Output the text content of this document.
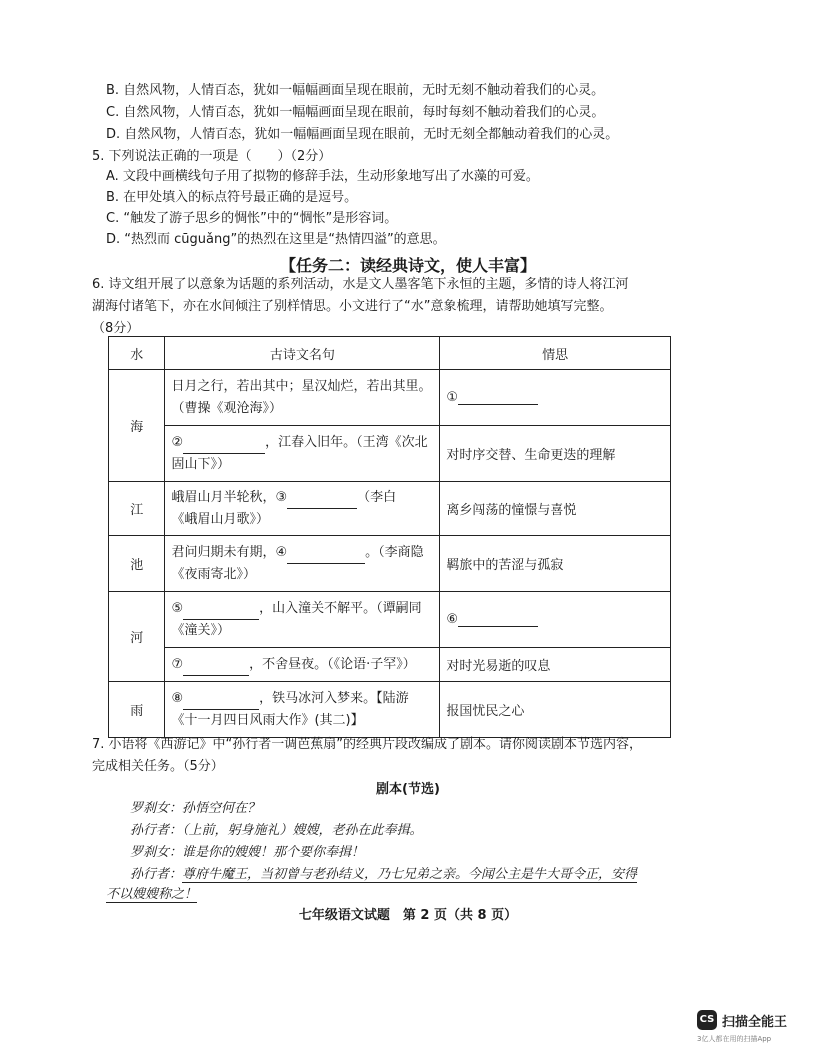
B. 自然风物，人情百态，犹如一幅幅画面呈现在眼前，无时无刻不触动着我们的心灵。
C. 自然风物，人情百态，犹如一幅幅画面呈现在眼前，每时每刻不触动着我们的心灵。
D. 自然风物，人情百态，犹如一幅幅画面呈现在眼前，无时无刻全都触动着我们的心灵。
5. 下列说法正确的一项是（　　）（2分）
A. 文段中画横线句子用了拟物的修辞手法，生动形象地写出了水藻的可爱。
B. 在甲处填入的标点符号最正确的是逗号。
C. “触发了游子思乡的惆怅”中的“惆怅”是形容词。
D. “热烈而 cūguǎng”的热烈在这里是“热情四溢”的意思。
【任务二：读经典诗文，使人丰富】
6. 诗文组开展了以意象为话题的系列活动，水是文人墨客笔下永恒的主题，多情的诗人将江河
湖海付诸笔下，亦在水间倾注了别样情思。小文进行了“水”意象梳理，请帮助她填写完整。
（8分）
水	古诗文名句	情思
海	日月之行，若出其中；星汉灿烂，若出其里。
（曹操《观沧海》）	①

	② ，江春入旧年。（王湾《次北
固山下》）	对时序交替、生命更迭的理解
江	峨眉山月半轮秋，③ （李白
《峨眉山月歌》）	离乡闯荡的憧憬与喜悦
池	君问归期未有期，④ 。（李商隐
《夜雨寄北》）	羁旅中的苦涩与孤寂
河	⑤ ，山入潼关不解平。（谭嗣同
《潼关》）	⑥
	⑦ ，不舍昼夜。（《论语·子罕》）	对时光易逝的叹息
雨	⑧ ，铁马冰河入梦来。【陆游
《十一月四日风雨大作》(其二)】	报国忧民之心
7. 小语将《西游记》中“孙行者一调芭蕉扇”的经典片段改编成了剧本。请你阅读剧本节选内容，
完成相关任务。（5分）
剧本(节选)
罗刹女：孙悟空何在？
孙行者：（上前，躬身施礼）嫂嫂，老孙在此奉揖。
罗刹女：谁是你的嫂嫂！那个要你奉揖！
孙行者：尊府牛魔王，当初曾与老孙结义，乃七兄弟之亲。今闻公主是牛大哥令正，安得
不以嫂嫂称之！
七年级语文试题　第 2 页（共 8 页）
CS 扫描全能王
3亿人都在用的扫描App
